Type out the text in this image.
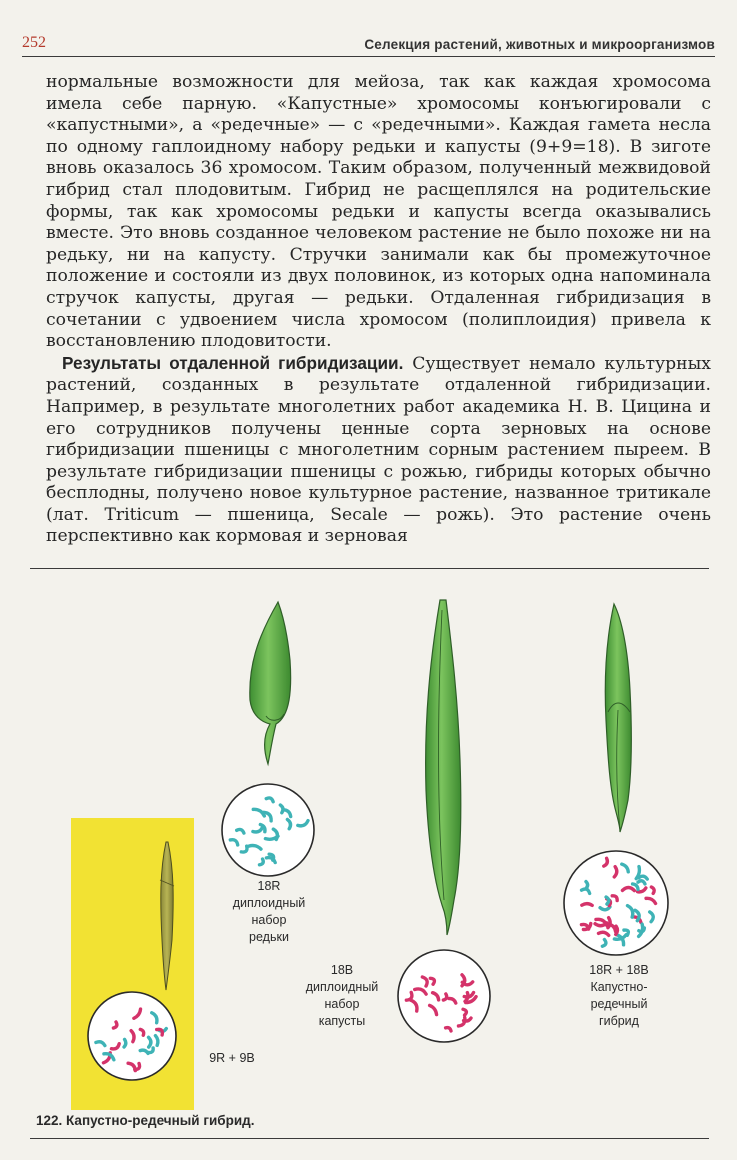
252	Селекция растений, животных и микроорганизмов

нормальные возможности для мейоза, так как каждая хромосома имела себе парную. «Капустные» хромосомы конъюгировали с «капустными», а «редечные» — с «редечными». Каждая гамета несла по одному гаплоидному набору редьки и капусты (9+9=18). В зиготе вновь оказалось 36 хромосом. Таким образом, полученный межвидовой гибрид стал плодовитым. Гибрид не расщеплялся на родительские формы, так как хромосомы редьки и капусты всегда оказывались вместе. Это вновь созданное человеком растение не было похоже ни на редьку, ни на капусту. Стручки занимали как бы промежуточное положение и состояли из двух половинок, из которых одна напоминала стручок капусты, другая — редьки. Отдаленная гибридизация в сочетании с удвоением числа хромосом (полиплоидия) привела к восстановлению плодовитости.

Результаты отдаленной гибридизации. Существует немало культурных растений, созданных в результате отдаленной гибридизации. Например, в результате многолетних работ академика Н. В. Цицина и его сотрудников получены ценные сорта зерновых на основе гибридизации пшеницы с многолетним сорным растением пыреем. В результате гибридизации пшеницы с рожью, гибриды которых обычно бесплодны, получено новое культурное растение, названное тритикале (лат. Triticum — пшеница, Secale — рожь). Это растение очень перспективно как кормовая и зерновая

18R
диплоидный
набор
редьки
18B
диплоидный
набор
капусты
18R + 18B
Капустно-
редечный
гибрид
9R + 9B
122. Капустно-редечный гибрид.
